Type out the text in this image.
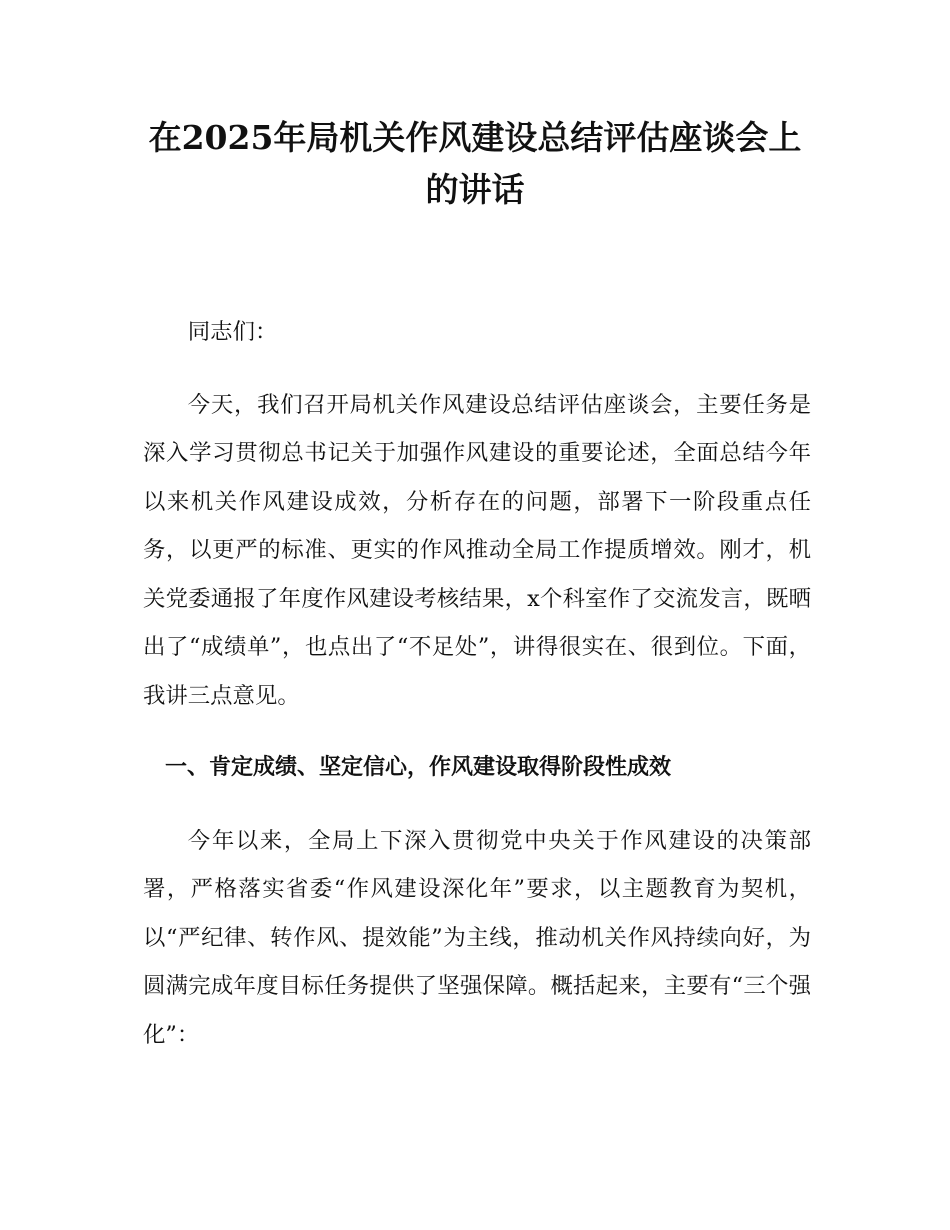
在2025年局机关作风建设总结评估座谈会上
的讲话

同志们：

今天，我们召开局机关作风建设总结评估座谈会，主要任务是深入学习贯彻总书记关于加强作风建设的重要论述，全面总结今年以来机关作风建设成效，分析存在的问题，部署下一阶段重点任务，以更严的标准、更实的作风推动全局工作提质增效。刚才，机关党委通报了年度作风建设考核结果，x个科室作了交流发言，既晒出了“成绩单”，也点出了“不足处”，讲得很实在、很到位。下面，我讲三点意见。

一、肯定成绩、坚定信心，作风建设取得阶段性成效

今年以来，全局上下深入贯彻党中央关于作风建设的决策部署，严格落实省委“作风建设深化年”要求，以主题教育为契机，以“严纪律、转作风、提效能”为主线，推动机关作风持续向好，为圆满完成年度目标任务提供了坚强保障。概括起来，主要有“三个强化”：
